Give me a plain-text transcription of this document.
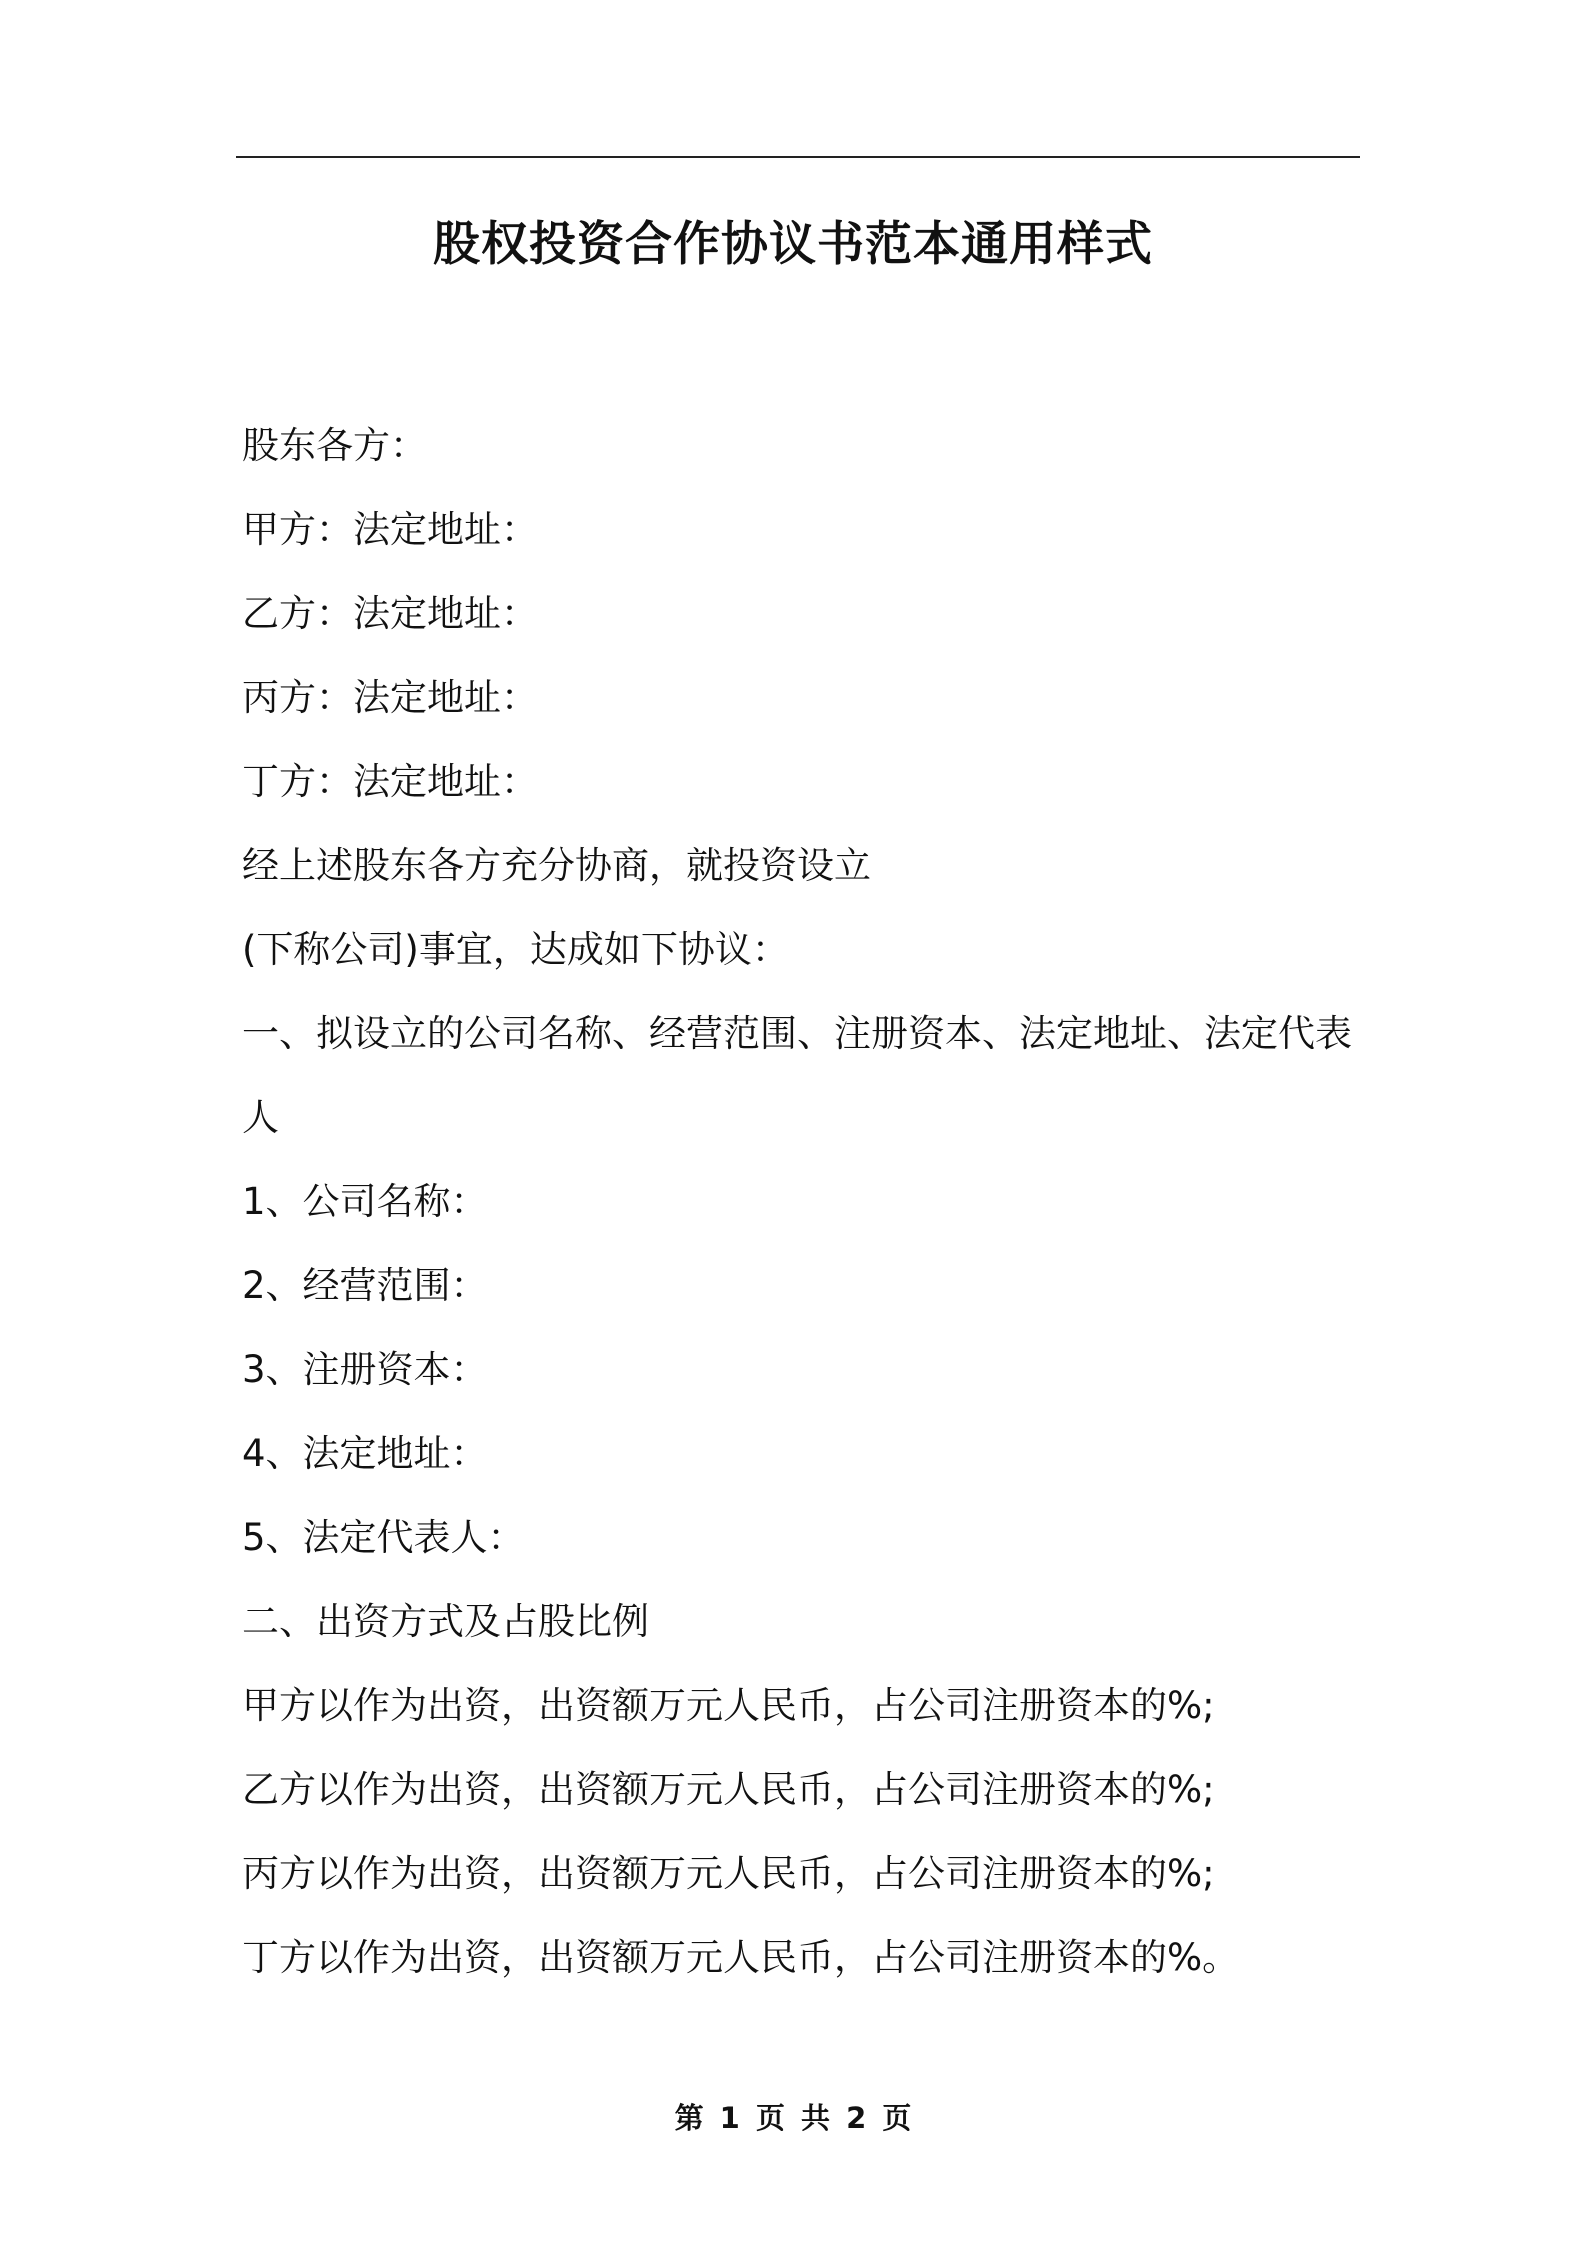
股权投资合作协议书范本通用样式
股东各方：
甲方：法定地址：
乙方：法定地址：
丙方：法定地址：
丁方：法定地址：
经上述股东各方充分协商，就投资设立
(下称公司)事宜，达成如下协议：
一、拟设立的公司名称、经营范围、注册资本、法定地址、法定代表
人
1、公司名称：
2、经营范围：
3、注册资本：
4、法定地址：
5、法定代表人：
二、出资方式及占股比例
甲方以作为出资，出资额万元人民币，占公司注册资本的%;
乙方以作为出资，出资额万元人民币，占公司注册资本的%;
丙方以作为出资，出资额万元人民币，占公司注册资本的%;
丁方以作为出资，出资额万元人民币，占公司注册资本的%。
第 1 页 共 2 页
